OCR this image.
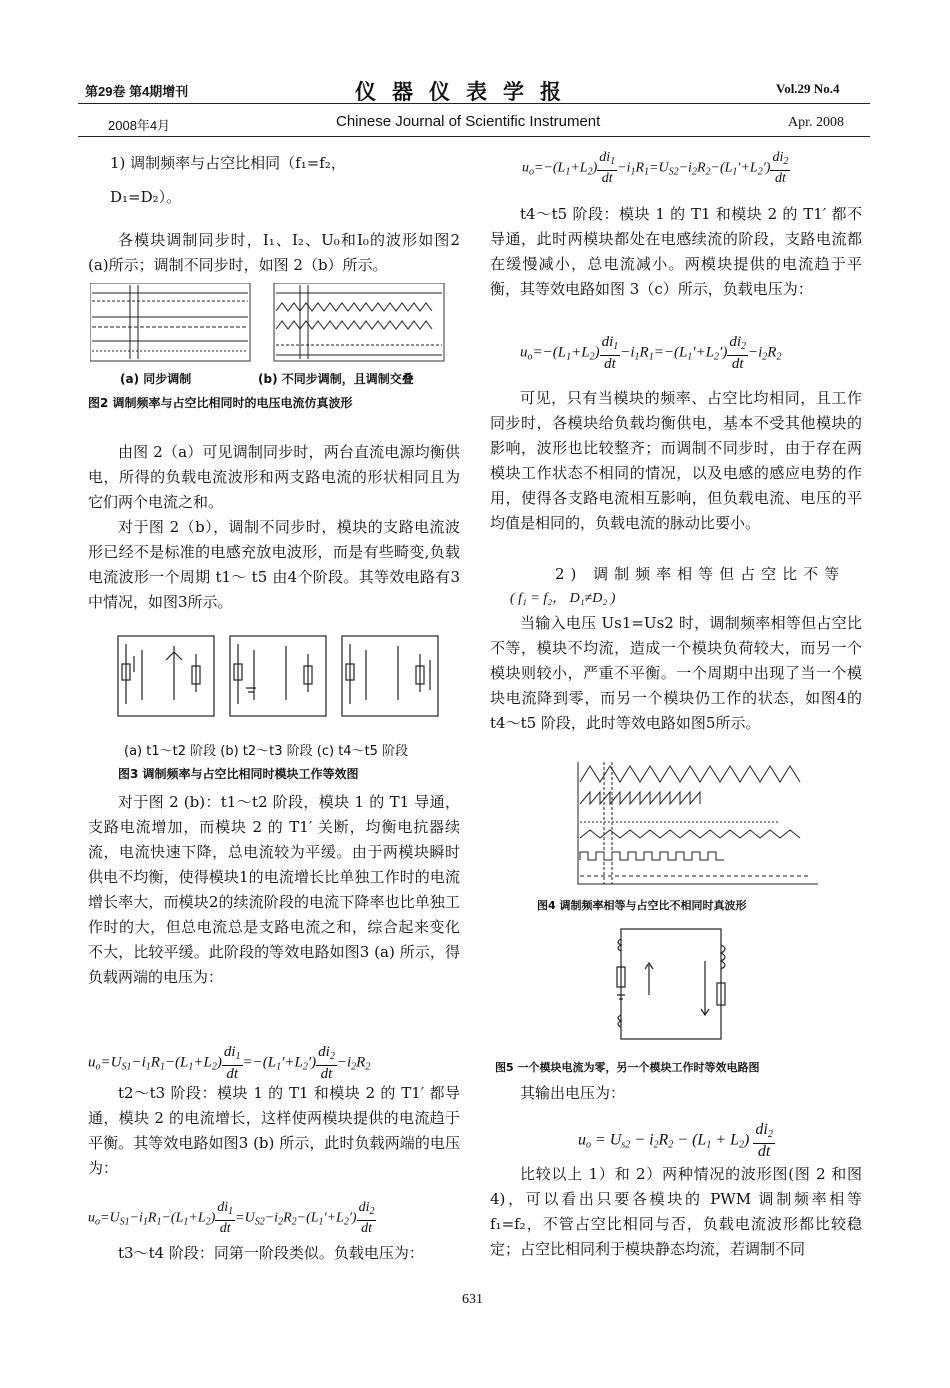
第29卷 第4期增刊	仪器仪表学报	Vol.29 No.4
2008年4月	Chinese Journal of Scientific Instrument	Apr. 2008
1) 调制频率与占空比相同（f₁=f₂，
D₁=D₂）。

各模块调制同步时，I₁、I₂、U₀和I₀的波形如图2 (a)所示；调制不同步时，如图 2（b）所示。

(a) 同步调制	(b) 不同步调制，且调制交叠
图2 调制频率与占空比相同时的电压电流仿真波形

由图 2（a）可见调制同步时，两台直流电源均衡供电，所得的负载电流波形和两支路电流的形状相同且为它们两个电流之和。

对于图 2（b），调制不同步时，模块的支路电流波形已经不是标准的电感充放电波形，而是有些畸变,负载电流波形一个周期 t1～ t5 由4个阶段。其等效电路有3中情况，如图3所示。

(a) t1～t2 阶段 (b) t2～t3 阶段 (c) t4～t5 阶段
图3 调制频率与占空比相同时模块工作等效图

对于图 2 (b)：t1～t2 阶段，模块 1 的 T1 导通，支路电流增加，而模块 2 的 T1′ 关断，均衡电抗器续流，电流快速下降，总电流较为平缓。由于两模块瞬时供电不均衡，使得模块1的电流增长比单独工作时的电流增长率大，而模块2的续流阶段的电流下降率也比单独工作时的大，但总电流总是支路电流之和，综合起来变化不大，比较平缓。此阶段的等效电路如图3 (a) 所示，得负载两端的电压为：

$u_o=U_{S1}-i_1R_1-(L_1+L_2) \frac{di_1}{dt} =-(L_1'+L_2') \frac{di_2}{dt} -i_2R_2$

t2～t3 阶段：模块 1 的 T1 和模块 2 的 T1′ 都导通，模块 2 的电流增长，这样使两模块提供的电流趋于平衡。其等效电路如图3 (b) 所示，此时负载两端的电压为：

$u_o=U_{S1}-i_1R_1-(L_1+L_2) \frac{di_1}{dt} =U_{S2}-i_2R_2-(L_1'+L_2') \frac{di_2}{dt}$

t3～t4 阶段：同第一阶段类似。负载电压为：

$u_o=-(L_1+L_2) \frac{di_1}{dt} -i_1R_1=U_{S2}-i_2R_2-(L_1'+L_2') \frac{di_2}{dt}$

t4～t5 阶段：模块 1 的 T1 和模块 2 的 T1′ 都不导通，此时两模块都处在电感续流的阶段，支路电流都在缓慢减小，总电流减小。两模块提供的电流趋于平衡，其等效电路如图 3（c）所示，负载电压为：

$u_o=-(L_1+L_2) \frac{di_1}{dt} -i_1R_1=-(L_1'+L_2') \frac{di_2}{dt} -i_2R_2$

可见，只有当模块的频率、占空比均相同，且工作同步时，各模块给负载均衡供电，基本不受其他模块的影响，波形也比较整齐；而调制不同步时，由于存在两模块工作状态不相同的情况，以及电感的感应电势的作用，使得各支路电流相互影响，但负载电流、电压的平均值是相同的，负载电流的脉动比要小。

2) 调制频率相等但占空比不等
( f₁ = f₂， D₁≠D₂ )

当输入电压 Us1=Us2 时，调制频率相等但占空比不等，模块不均流，造成一个模块负荷较大，而另一个模块则较小，严重不平衡。一个周期中出现了当一个模块电流降到零，而另一个模块仍工作的状态，如图4的 t4～t5 阶段，此时等效电路如图5所示。

图4 调制频率相等与占空比不相同时真波形
图5 一个模块电流为零，另一个模块工作时等效电路图

其输出电压为：

$u_o = U_{s2} - i_2R_2 - (L_1 + L_2) \frac{di_2}{dt}$

比较以上 1）和 2）两种情况的波形图(图 2 和图 4)，可以看出只要各模块的 PWM 调制频率相等 f₁=f₂，不管占空比相同与否，负载电流波形都比较稳定；占空比相同利于模块静态均流，若调制不同

631
